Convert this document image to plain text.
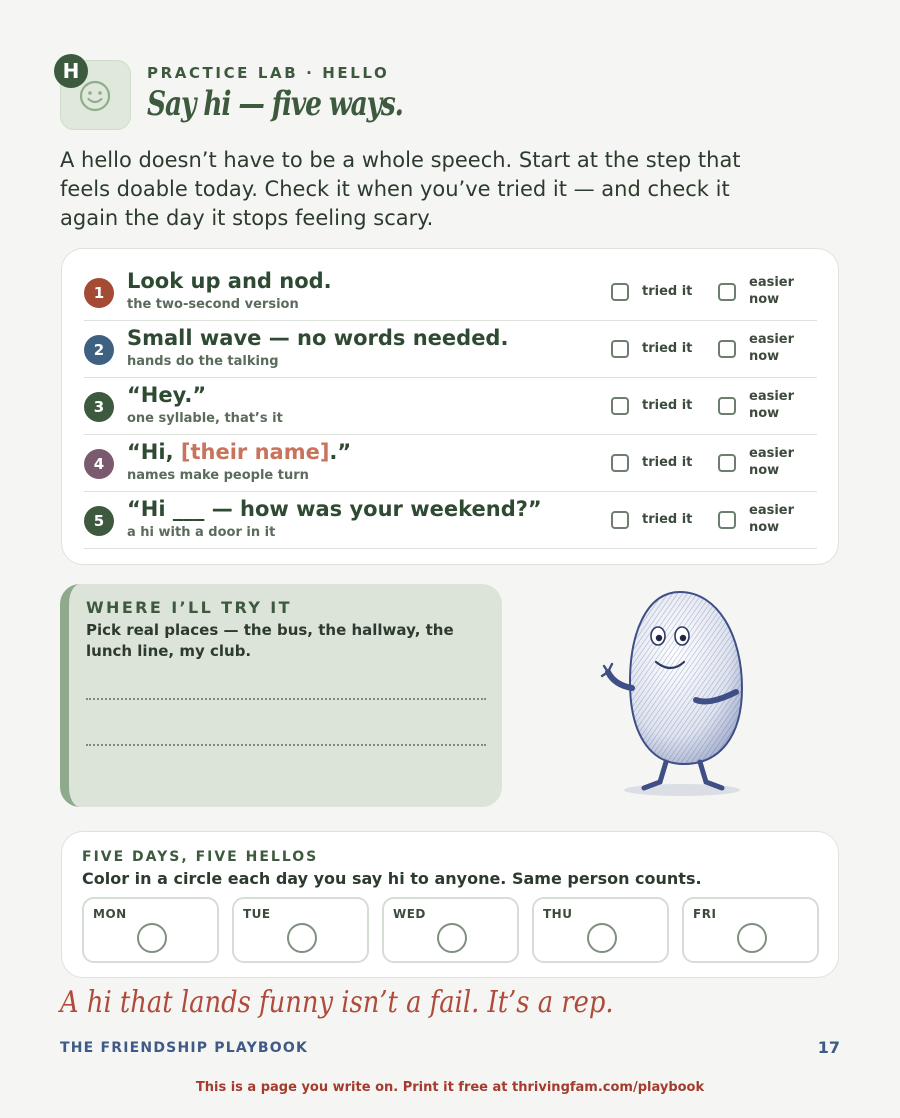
H	PRACTICE LAB · HELLO
Say hi — five ways.
A hello doesn’t have to be a whole speech. Start at the step that feels doable today. Check it when you’ve tried it — and check it again the day it stops feeling scary.
1	Look up and nod.
the two-second version
tried it
easier now
2	Small wave — no words needed.
hands do the talking
tried it
easier now
3	“Hey.”
one syllable, that’s it
tried it
easier now
4	“Hi, [their name].”
names make people turn
tried it
easier now
5	“Hi ___ — how was your weekend?”
a hi with a door in it
tried it
easier now
WHERE I’LL TRY IT
Pick real places — the bus, the hallway, the lunch line, my club.
FIVE DAYS, FIVE HELLOS
Color in a circle each day you say hi to anyone. Same person counts.
MON	TUE	WED	THU	FRI
A hi that lands funny isn’t a fail. It’s a rep.
THE FRIENDSHIP PLAYBOOK	17
This is a page you write on. Print it free at thrivingfam.com/playbook
